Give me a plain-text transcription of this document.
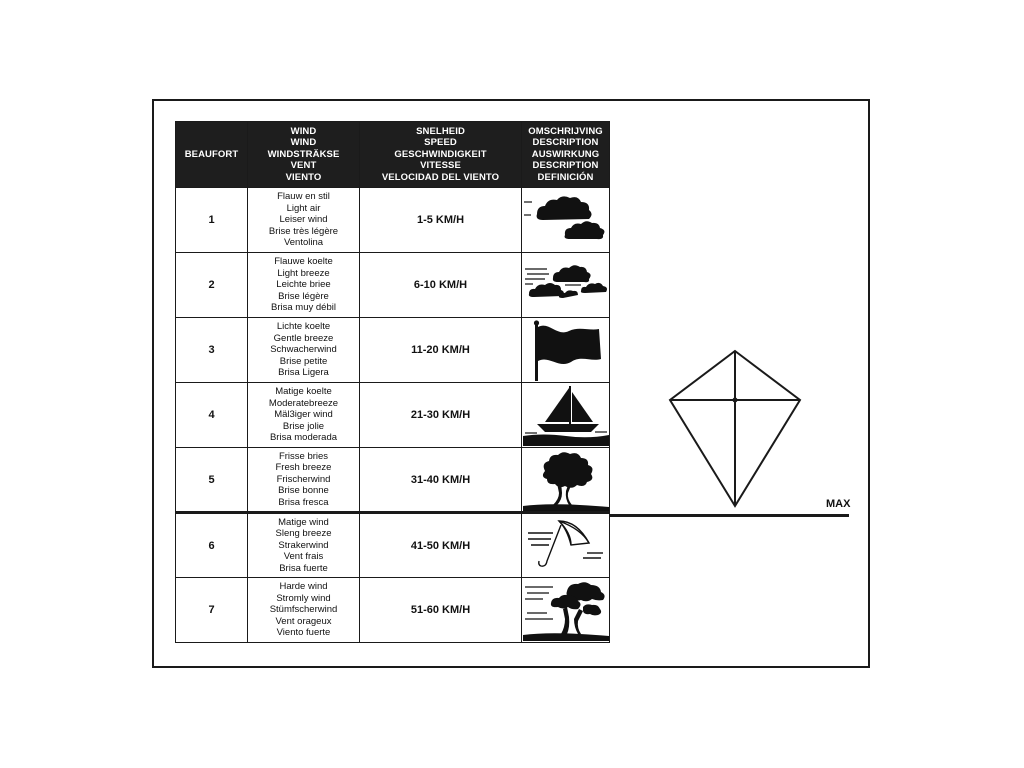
BEAUFORT	WIND
WIND
WINDSTRÄKSE
VENT
VIENTO	SNELHEID
SPEED
GESCHWINDIGKEIT
VITESSE
VELOCIDAD DEL VIENTO	OMSCHRIJVING
DESCRIPTION
AUSWIRKUNG
DESCRIPTION
DEFINICIÓN

1	Flauw en stil
Light air
Leiser wind
Brise très légère
Ventolina	1-5 KM/H	

2	Flauwe koelte
Light breeze
Leichte briee
Brise légère
Brisa muy débil	6-10 KM/H	

3	Lichte koelte
Gentle breeze
Schwacherwind
Brise petite
Brisa Ligera	11-20 KM/H	

4	Matige koelte
Moderatebreeze
Mäl3iger wind
Brise jolie
Brisa moderada	21-30 KM/H	

5	Frisse bries
Fresh breeze
Frischerwind
Brise bonne
Brisa fresca	31-40 KM/H	

6	Matige wind
Sleng breeze
Strakerwind
Vent frais
Brisa fuerte	41-50 KM/H	

7	Harde wind
Stromly wind
Stümfscherwind
Vent orageux
Viento fuerte	51-60 KM/H	
MAX
